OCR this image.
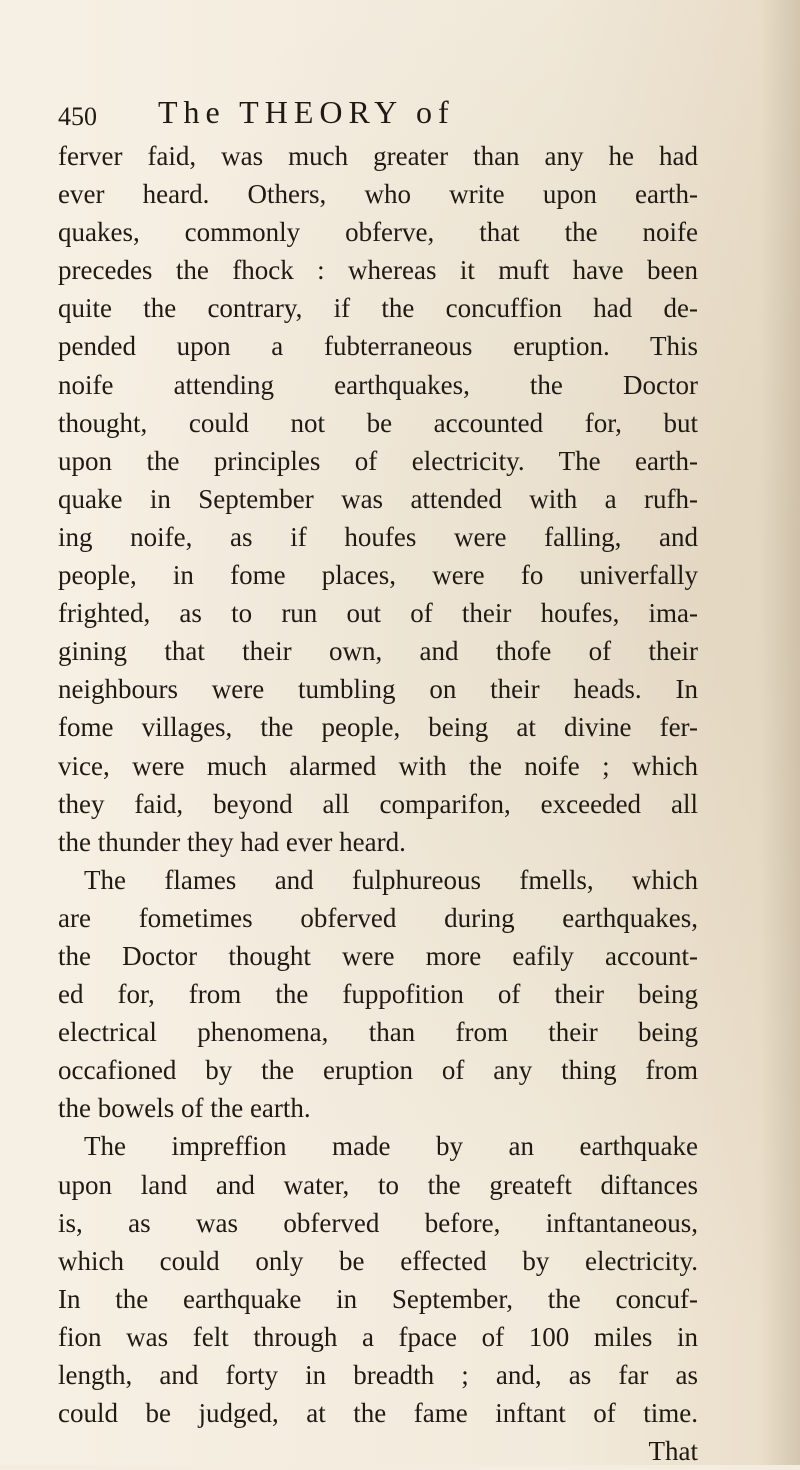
450 The THEORY of
ferver faid, was much greater than any he had
ever heard. Others, who write upon earth-
quakes, commonly obferve, that the noife
precedes the fhock : whereas it muft have been
quite the contrary, if the concuffion had de-
pended upon a fubterraneous eruption. This
noife attending earthquakes, the Doctor
thought, could not be accounted for, but
upon the principles of electricity. The earth-
quake in September was attended with a rufh-
ing noife, as if houfes were falling, and
people, in fome places, were fo univerfally
frighted, as to run out of their houfes, ima-
gining that their own, and thofe of their
neighbours were tumbling on their heads. In
fome villages, the people, being at divine fer-
vice, were much alarmed with the noife ; which
they faid, beyond all comparifon, exceeded all
the thunder they had ever heard.
The flames and fulphureous fmells, which
are fometimes obferved during earthquakes,
the Doctor thought were more eafily account-
ed for, from the fuppofition of their being
electrical phenomena, than from their being
occafioned by the eruption of any thing from
the bowels of the earth.
The impreffion made by an earthquake
upon land and water, to the greateft diftances
is, as was obferved before, inftantaneous,
which could only be effected by electricity.
In the earthquake in September, the concuf-
fion was felt through a fpace of 100 miles in
length, and forty in breadth ; and, as far as
could be judged, at the fame inftant of time.
That
